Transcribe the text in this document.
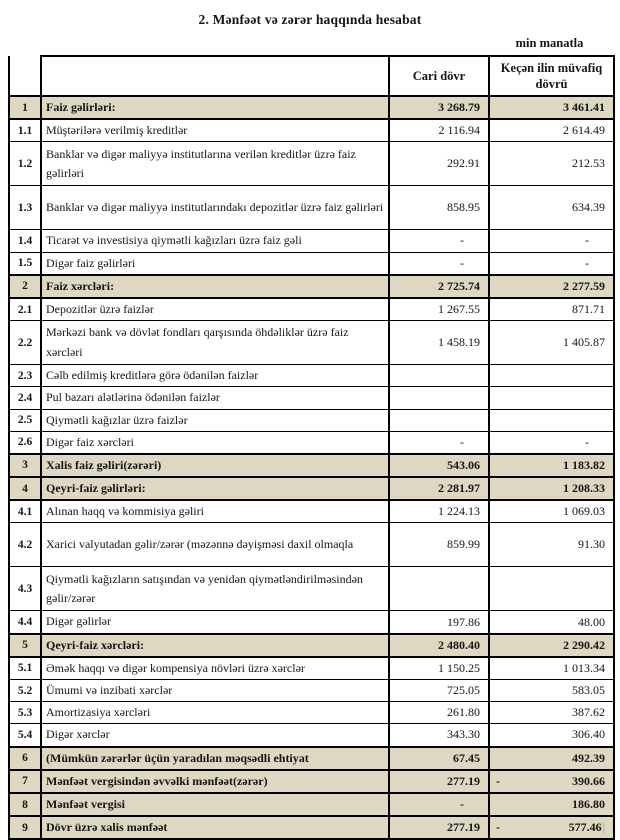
2. Mənfəət və zərər haqqında hesabat
min manatla
		Cari dövr	Keçən ilin müvafiq dövrü
1	Faiz gəlirləri:	3 268.79	3 461.41
1.1	Müştərilərə verilmiş kreditlər	2 116.94	2 614.49
1.2	Banklar və digər maliyyə institutlarına verilən kreditlər üzrə faiz gəlirləri	292.91	212.53
1.3	Banklar və digər maliyyə institutlarındakı depozitlər üzrə faiz gəlirləri	858.95	634.39
1.4	Ticarət və investisiya qiymətli kağızları üzrə faiz gəli	-	-
1.5	Digər faiz gəlirləri	-	-
2	Faiz xərcləri:	2 725.74	2 277.59
2.1	Depozitlər üzrə faizlər	1 267.55	871.71
2.2	Mərkəzi bank və dövlət fondları qarşısında öhdəliklər üzrə faiz xərcləri	1 458.19	1 405.87
2.3	Cəlb edilmiş kreditlərə görə ödənilən faizlər		
2.4	Pul bazarı alətlərinə ödənilən faizlər		
2.5	Qiymətli kağızlar üzrə faizlər		
2.6	Digər faiz xərcləri	-	-
3	Xalis faiz gəliri(zərəri)	543.06	1 183.82
4	Qeyri-faiz gəlirləri:	2 281.97	1 208.33
4.1	Alınan haqq və kommisiya gəliri	1 224.13	1 069.03
4.2	Xarici valyutadan gəlir/zərər (məzənnə dəyişməsi daxil olmaqla	859.99	91.30
4.3	Qiymətli kağızların satışından və yenidən qiymətləndirilməsindən gəlir/zərər		
4.4	Digər gəlirlər	197.86	48.00
5	Qeyri-faiz xərcləri:	2 480.40	2 290.42
5.1	Əmək haqqı və digər kompensiya növləri üzrə xərclər	1 150.25	1 013.34
5.2	Ümumi və inzibati xərclər	725.05	583.05
5.3	Amortizasiya xərcləri	261.80	387.62
5.4	Digər xərclər	343.30	306.40
6	(Mümkün zərərlər üçün yaradılan məqsədli ehtiyat	67.45	492.39
7	Mənfəət vergisindən əvvəlki mənfəət(zərər)	277.19	- 390.66

8	Mənfəət vergisi	-	186.80
9	Dövr üzrə xalis mənfəət	277.19	- 577.46|
